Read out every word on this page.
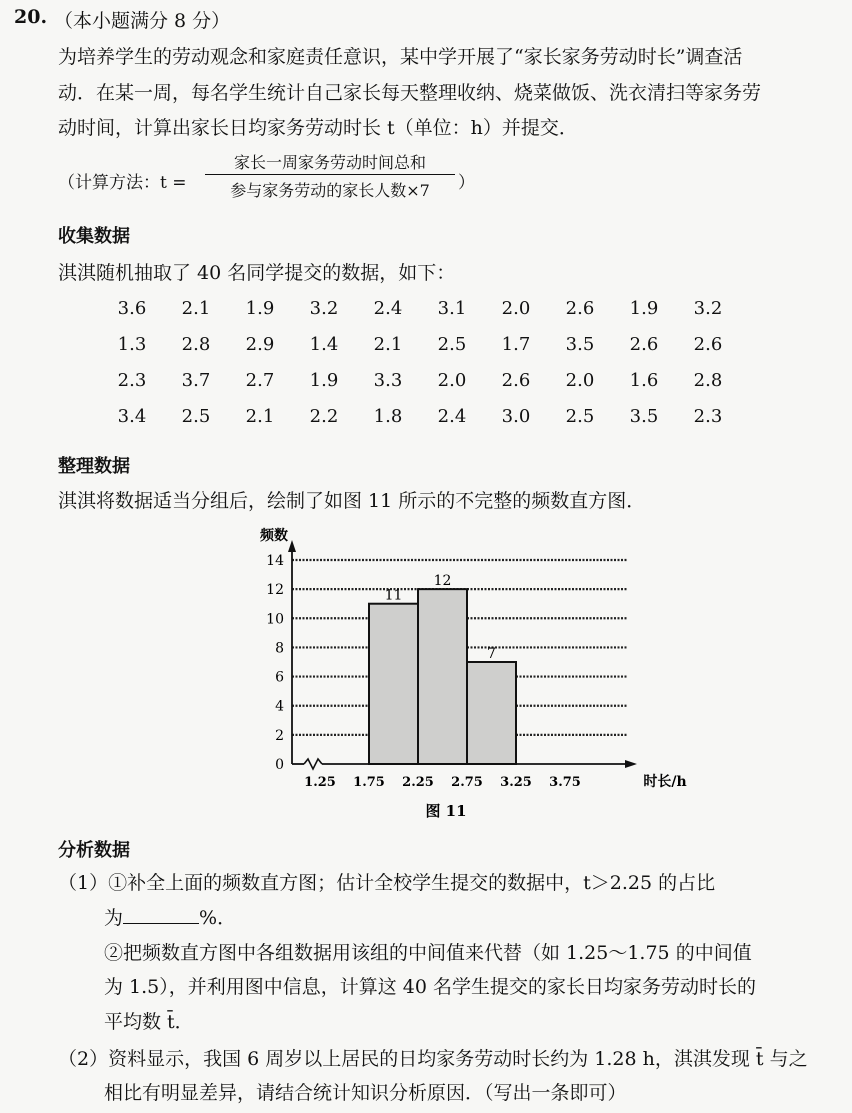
20. （本小题满分 8 分）
为培养学生的劳动观念和家庭责任意识，某中学开展了“家长家务劳动时长”调查活
动．在某一周，每名学生统计自己家长每天整理收纳、烧菜做饭、洗衣清扫等家务劳
动时间，计算出家长日均家务劳动时长 t（单位：h）并提交．
（计算方法：t =
家长一周家务劳动时间总和
参与家务劳动的家长人数×7	）
收集数据
淇淇随机抽取了 40 名同学提交的数据，如下：
3.6	2.1	1.9	3.2	2.4	3.1	2.0	2.6	1.9	3.2
1.3	2.8	2.9	1.4	2.1	2.5	1.7	3.5	2.6	2.6
2.3	3.7	2.7	1.9	3.3	2.0	2.6	2.0	1.6	2.8
3.4	2.5	2.1	2.2	1.8	2.4	3.0	2.5	3.5	2.3
整理数据
淇淇将数据适当分组后，绘制了如图 11 所示的不完整的频数直方图．
11
12
7
0
2
4
6
8
10
12
14
1.25 1.75 2.25 2.75 3.25 3.75
频数
时长/h
图 11
分析数据
（1）①补全上面的频数直方图；估计全校学生提交的数据中，t＞2.25 的占比
为	%．
②把频数直方图中各组数据用该组的中间值来代替（如 1.25～1.75 的中间值
为 1.5），并利用图中信息，计算这 40 名学生提交的家长日均家务劳动时长的
平均数 t̄．
（2）资料显示，我国 6 周岁以上居民的日均家务劳动时长约为 1.28 h，淇淇发现 t̄ 与之
相比有明显差异，请结合统计知识分析原因．（写出一条即可）
